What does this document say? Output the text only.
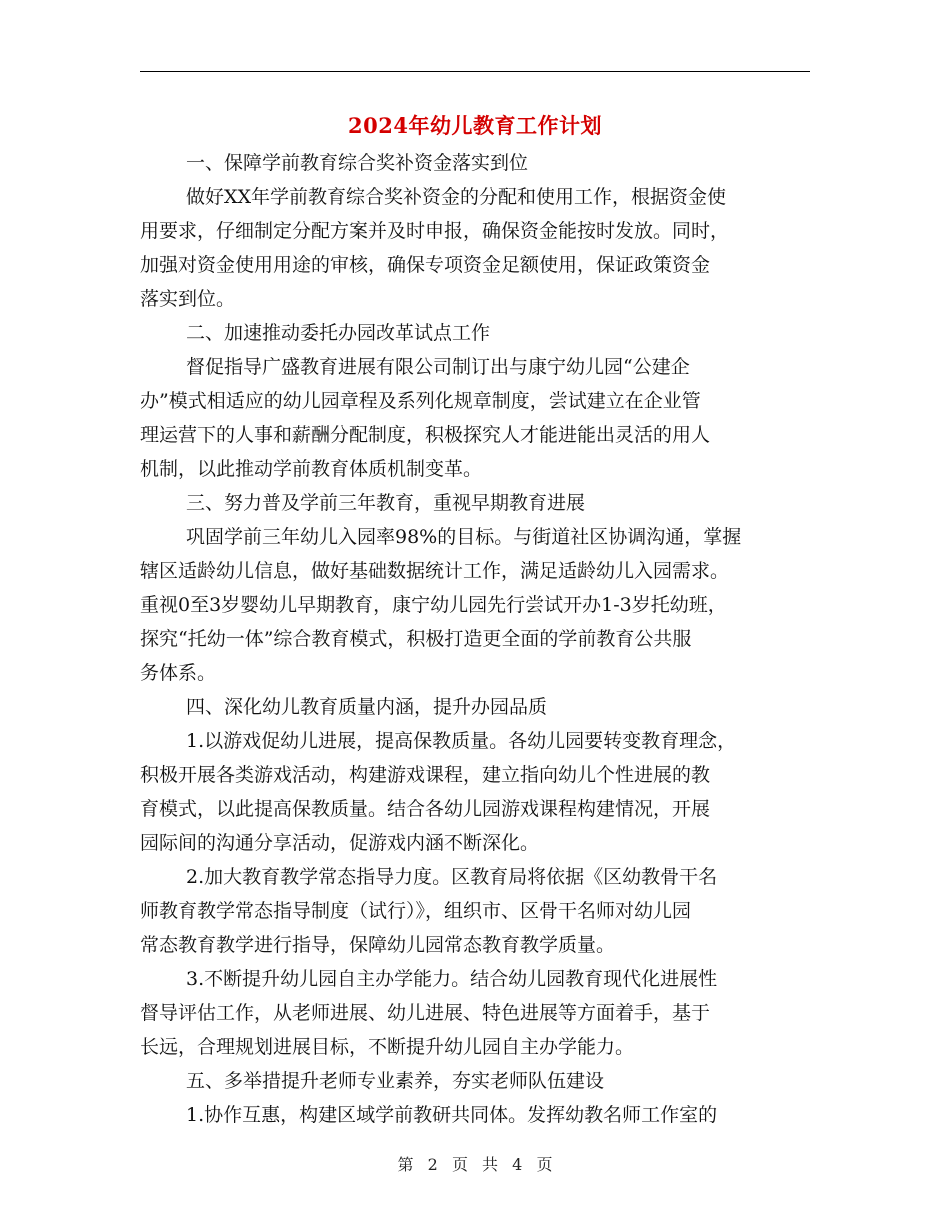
2024年幼儿教育工作计划
一、保障学前教育综合奖补资金落实到位
做好XX年学前教育综合奖补资金的分配和使用工作，根据资金使
用要求，仔细制定分配方案并及时申报，确保资金能按时发放。同时，
加强对资金使用用途的审核，确保专项资金足额使用，保证政策资金
落实到位。
二、加速推动委托办园改革试点工作
督促指导广盛教育进展有限公司制订出与康宁幼儿园“公建企
办”模式相适应的幼儿园章程及系列化规章制度，尝试建立在企业管
理运营下的人事和薪酬分配制度，积极探究人才能进能出灵活的用人
机制，以此推动学前教育体质机制变革。
三、努力普及学前三年教育，重视早期教育进展
巩固学前三年幼儿入园率98%的目标。与街道社区协调沟通，掌握
辖区适龄幼儿信息，做好基础数据统计工作，满足适龄幼儿入园需求。
重视0至3岁婴幼儿早期教育，康宁幼儿园先行尝试开办1-3岁托幼班，
探究“托幼一体”综合教育模式，积极打造更全面的学前教育公共服
务体系。
四、深化幼儿教育质量内涵，提升办园品质
1.以游戏促幼儿进展，提高保教质量。各幼儿园要转变教育理念，
积极开展各类游戏活动，构建游戏课程，建立指向幼儿个性进展的教
育模式，以此提高保教质量。结合各幼儿园游戏课程构建情况，开展
园际间的沟通分享活动，促游戏内涵不断深化。
2.加大教育教学常态指导力度。区教育局将依据《区幼教骨干名
师教育教学常态指导制度（试行）》，组织市、区骨干名师对幼儿园
常态教育教学进行指导，保障幼儿园常态教育教学质量。
3.不断提升幼儿园自主办学能力。结合幼儿园教育现代化进展性
督导评估工作，从老师进展、幼儿进展、特色进展等方面着手，基于
长远，合理规划进展目标，不断提升幼儿园自主办学能力。
五、多举措提升老师专业素养，夯实老师队伍建设
1.协作互惠，构建区域学前教研共同体。发挥幼教名师工作室的
第 2 页 共 4 页
